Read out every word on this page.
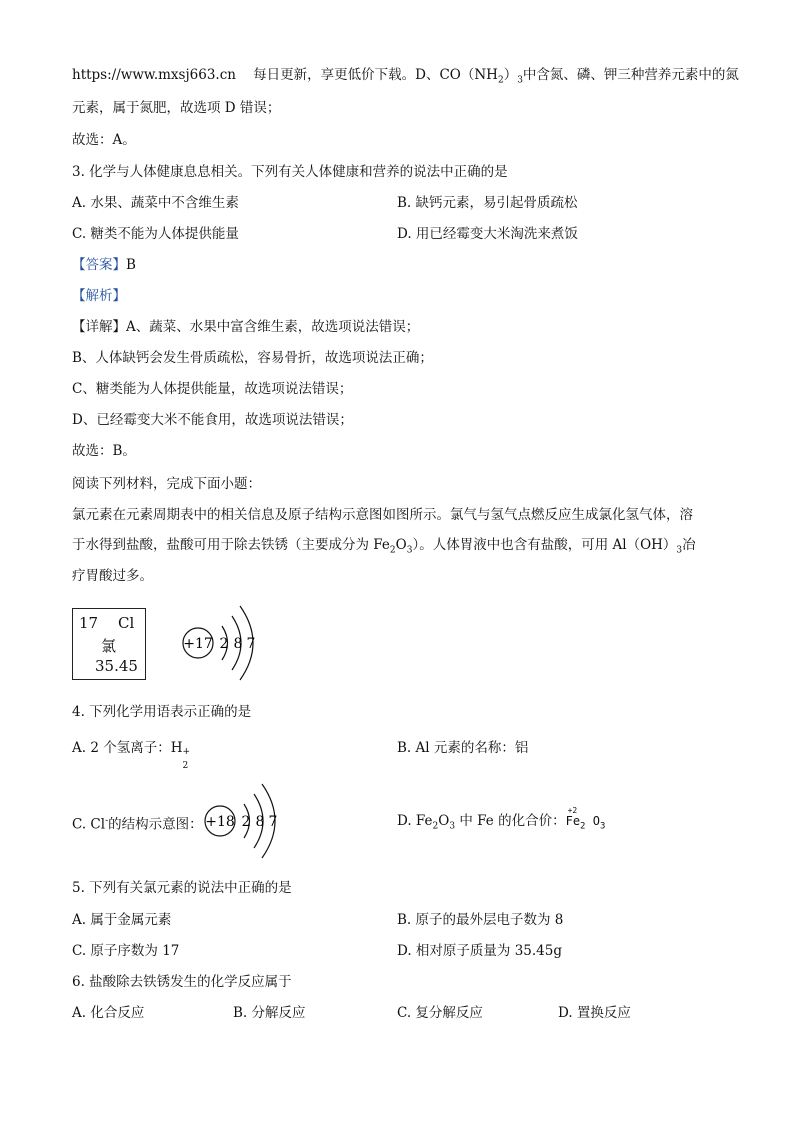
https://www.mxsj663.cn 每日更新，享更低价下载。D、$CO(NH_2)_3$中含氮、磷、钾三种营养元素中的氮
元素，属于氮肥，故选项 D 错误；
故选：A。
3. 化学与人体健康息息相关。下列有关人体健康和营养的说法中正确的是
A. 水果、蔬菜中不含维生素	B. 缺钙元素，易引起骨质疏松
C. 糖类不能为人体提供能量	D. 用已经霉变大米淘洗来煮饭
【答案】B
【解析】
【详解】A、蔬菜、水果中富含维生素，故选项说法错误；
B、人体缺钙会发生骨质疏松，容易骨折，故选项说法正确；
C、糖类能为人体提供能量，故选项说法错误；
D、已经霉变大米不能食用，故选项说法错误；
故选：B。
阅读下列材料，完成下面小题：
氯元素在元素周期表中的相关信息及原子结构示意图如图所示。氯气与氢气点燃反应生成氯化氢气体，溶
于水得到盐酸，盐酸可用于除去铁锈（主要成分为 $Fe_2O_3$）。人体胃液中也含有盐酸，可用 $Al(OH)_3$冶
疗胃酸过多。
17 Cl
氯
35.45
+17 2 8 7
4. 下列化学用语表示正确的是
A. 2 个氢离子：H +
2
B. Al 元素的名称：铝
C. Cl-的结构示意图： +18 2 8 7	D. $Fe_2O_3$ 中 Fe 的化合价：
+2
$Fe_2$ $O_3$
5. 下列有关氯元素的说法中正确的是
A. 属于金属元素	B. 原子的最外层电子数为 8
C. 原子序数为 17	D. 相对原子质量为 35.45g
6. 盐酸除去铁锈发生的化学反应属于
A. 化合反应	B. 分解反应	C. 复分解反应	D. 置换反应
